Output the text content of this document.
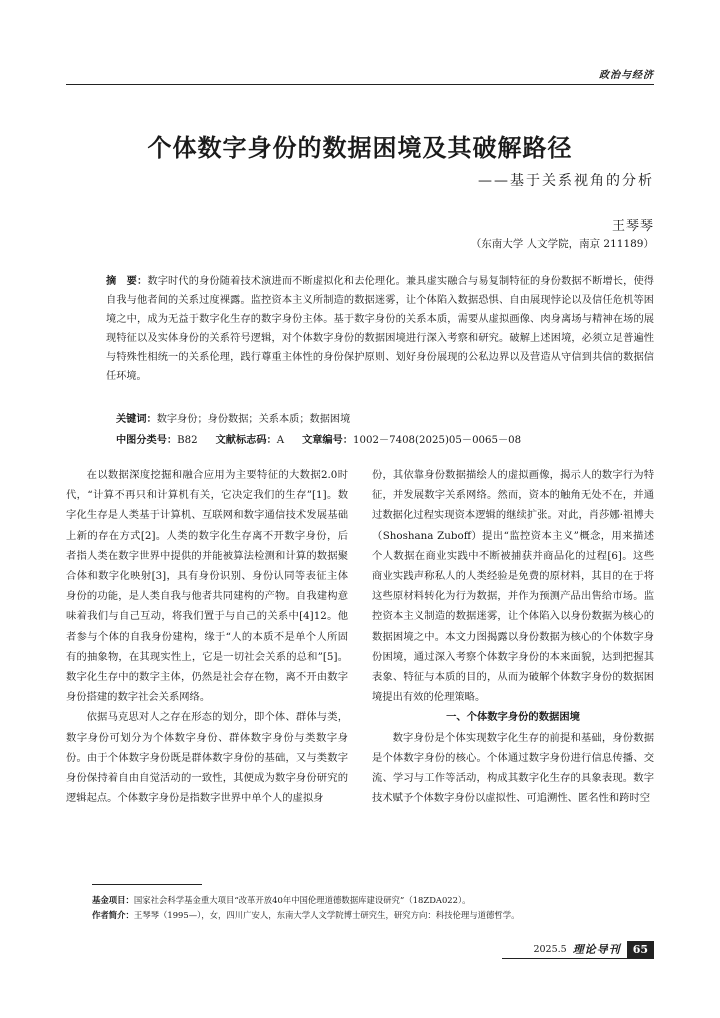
政治与经济
个体数字身份的数据困境及其破解路径
——基于关系视角的分析
王琴琴
（东南大学 人文学院，南京 211189）
摘　要：数字时代的身份随着技术演进而不断虚拟化和去伦理化。兼具虚实融合与易复制特征的身份数据不断增长，使得自我与他者间的关系过度裸露。监控资本主义所制造的数据迷雾，让个体陷入数据恐惧、自由展现悖论以及信任危机等困境之中，成为无益于数字化生存的数字身份主体。基于数字身份的关系本质，需要从虚拟画像、肉身离场与精神在场的展现特征以及实体身份的关系符号逻辑，对个体数字身份的数据困境进行深入考察和研究。破解上述困境，必须立足普遍性与特殊性相统一的关系伦理，践行尊重主体性的身份保护原则、划好身份展现的公私边界以及营造从守信到共信的数据信任环境。
关键词：数字身份；身份数据；关系本质；数据困境
中图分类号：B82 文献标志码：A 文章编号：1002－7408(2025)05－0065－08

在以数据深度挖掘和融合应用为主要特征的大数据2.0时代，“计算不再只和计算机有关，它决定我们的生存”[1]。数字化生存是人类基于计算机、互联网和数字通信技术发展基础上新的存在方式[2]。人类的数字化生存离不开数字身份，后者指人类在数字世界中提供的并能被算法检测和计算的数据聚合体和数字化映射[3]，具有身份识别、身份认同等表征主体身份的功能，是人类自我与他者共同建构的产物。自我建构意味着我们与自己互动，将我们置于与自己的关系中[4]12。他者参与个体的自我身份建构，缘于“人的本质不是单个人所固有的抽象物，在其现实性上，它是一切社会关系的总和”[5]。数字化生存中的数字主体，仍然是社会存在物，离不开由数字身份搭建的数字社会关系网络。

依据马克思对人之存在形态的划分，即个体、群体与类，数字身份可划分为个体数字身份、群体数字身份与类数字身份。由于个体数字身份既是群体数字身份的基础，又与类数字身份保持着自由自觉活动的一致性，其便成为数字身份研究的逻辑起点。个体数字身份是指数字世界中单个人的虚拟身

份，其依靠身份数据描绘人的虚拟画像，揭示人的数字行为特征，并发展数字关系网络。然而，资本的触角无处不在，并通过数据化过程实现资本逻辑的继续扩张。对此，肖莎娜·祖博夫（Shoshana Zuboff）提出“监控资本主义”概念，用来描述个人数据在商业实践中不断被捕获并商品化的过程[6]。这些商业实践声称私人的人类经验是免费的原材料，其目的在于将这些原材料转化为行为数据，并作为预测产品出售给市场。监控资本主义制造的数据迷雾，让个体陷入以身份数据为核心的数据困境之中。本文力图揭露以身份数据为核心的个体数字身份困境，通过深入考察个体数字身份的本来面貌，达到把握其表象、特征与本质的目的，从而为破解个体数字身份的数据困境提出有效的伦理策略。

一、个体数字身份的数据困境

数字身份是个体实现数字化生存的前提和基础，身份数据是个体数字身份的核心。个体通过数字身份进行信息传播、交流、学习与工作等活动，构成其数字化生存的具象表现。数字技术赋予个体数字身份以虚拟性、可追溯性、匿名性和跨时空

基金项目：国家社会科学基金重大项目“改革开放40年中国伦理道德数据库建设研究”（18ZDA022）。
作者简介：王琴琴（1995—），女，四川广安人，东南大学人文学院博士研究生，研究方向：科技伦理与道德哲学。
2025.5 理论导刊	65
